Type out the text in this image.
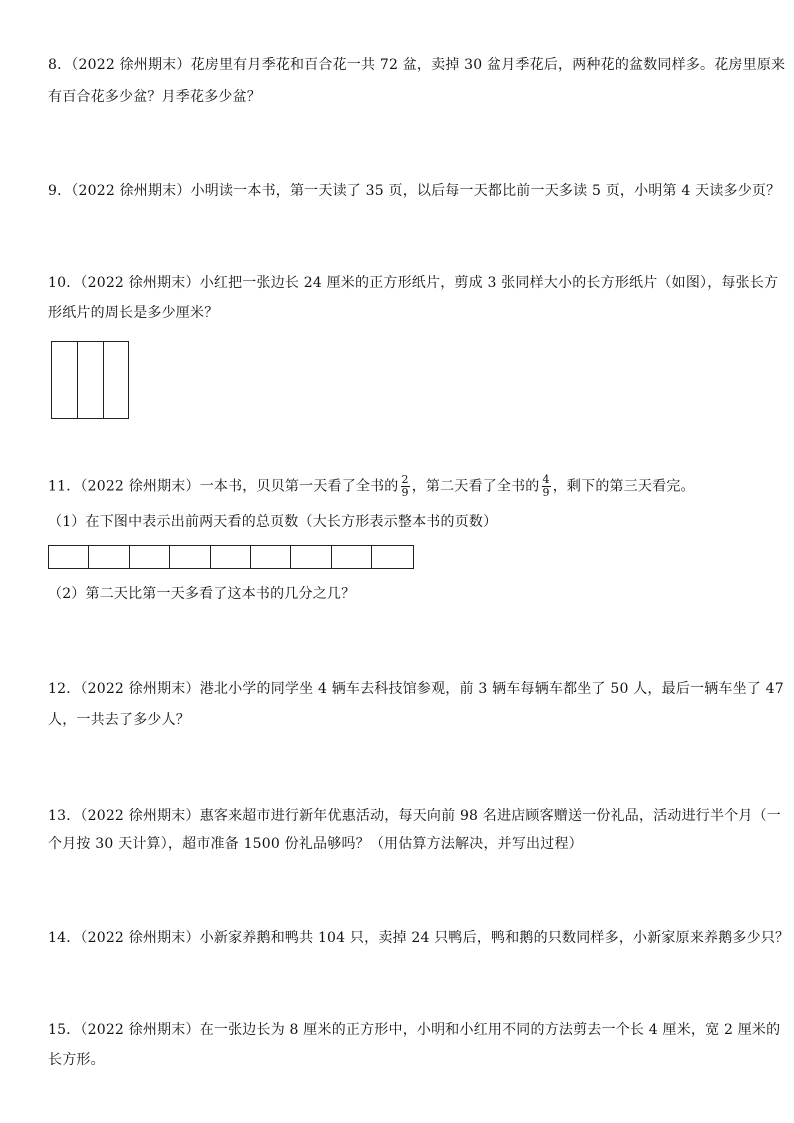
8．（2022 徐州期末）花房里有月季花和百合花一共 72 盆，卖掉 30 盆月季花后，两种花的盆数同样多。花房里原来
有百合花多少盆？月季花多少盆？
9．（2022 徐州期末）小明读一本书，第一天读了 35 页，以后每一天都比前一天多读 5 页，小明第 4 天读多少页？
10．（2022 徐州期末）小红把一张边长 24 厘米的正方形纸片，剪成 3 张同样大小的长方形纸片（如图），每张长方
形纸片的周长是多少厘米？
11．（2022 徐州期末）一本书，贝贝第一天看了全书的 $\frac{2}{9}$ ，第二天看了全书的 $\frac{4}{9}$ ，剩下的第三天看完。
（1）在下图中表示出前两天看的总页数（大长方形表示整本书的页数）
（2）第二天比第一天多看了这本书的几分之几？
12．（2022 徐州期末）港北小学的同学坐 4 辆车去科技馆参观，前 3 辆车每辆车都坐了 50 人，最后一辆车坐了 47
人，一共去了多少人？
13．（2022 徐州期末）惠客来超市进行新年优惠活动，每天向前 98 名进店顾客赠送一份礼品，活动进行半个月（一
个月按 30 天计算），超市准备 1500 份礼品够吗？（用估算方法解决，并写出过程）
14．（2022 徐州期末）小新家养鹅和鸭共 104 只，卖掉 24 只鸭后，鸭和鹅的只数同样多，小新家原来养鹅多少只？
15．（2022 徐州期末）在一张边长为 8 厘米的正方形中，小明和小红用不同的方法剪去一个长 4 厘米，宽 2 厘米的
长方形。
